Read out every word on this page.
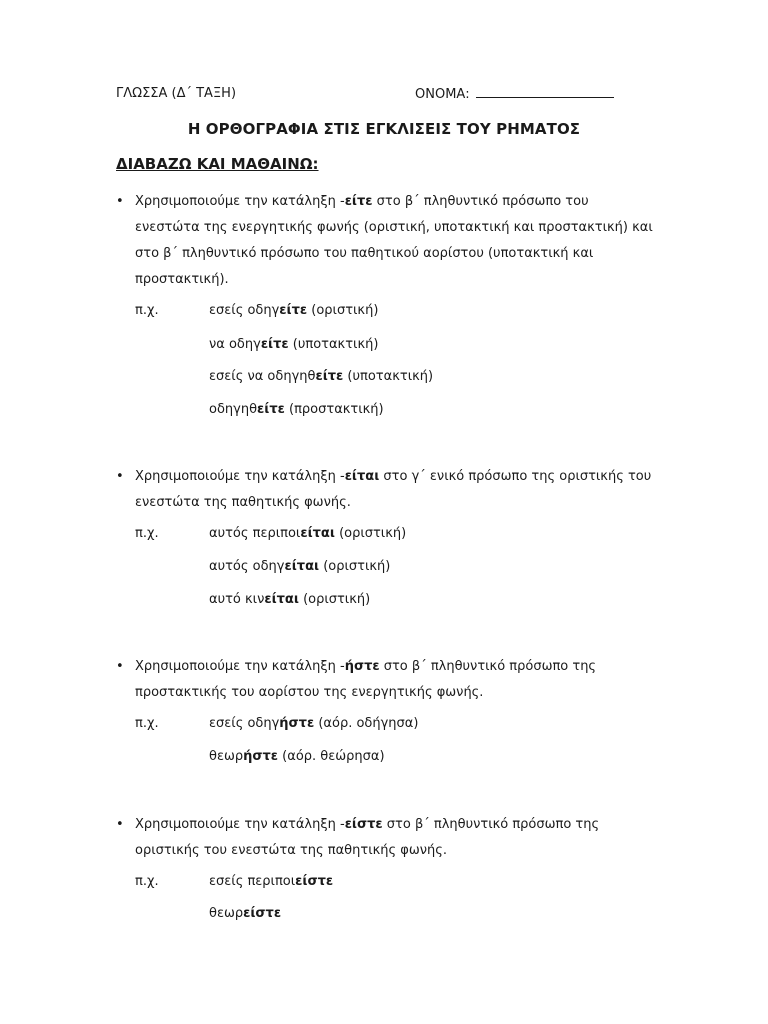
ΓΛΩΣΣΑ (Δ΄ ΤΑΞΗ)	ΟΝΟΜΑ:
Η ΟΡΘΟΓΡΑΦΙΑ ΣΤΙΣ ΕΓΚΛΙΣΕΙΣ ΤΟΥ ΡΗΜΑΤΟΣ
ΔΙΑΒΑΖΩ ΚΑΙ ΜΑΘΑΙΝΩ:
• Χρησιμοποιούμε την κατάληξη -είτε στο β΄ πληθυντικό πρόσωπο του ενεστώτα της ενεργητικής φωνής (οριστική, υποτακτική και προστακτική) και στο β΄ πληθυντικό πρόσωπο του παθητικού αορίστου (υποτακτική και προστακτική).
π.χ.	εσείς οδηγείτε (οριστική)
να οδηγείτε (υποτακτική)
εσείς να οδηγηθείτε (υποτακτική)
οδηγηθείτε (προστακτική)
• Χρησιμοποιούμε την κατάληξη -είται στο γ΄ ενικό πρόσωπο της οριστικής του ενεστώτα της παθητικής φωνής.
π.χ.	αυτός περιποιείται (οριστική)
αυτός οδηγείται (οριστική)
αυτό κινείται (οριστική)
• Χρησιμοποιούμε την κατάληξη -ήστε στο β΄ πληθυντικό πρόσωπο της προστακτικής του αορίστου της ενεργητικής φωνής.
π.χ.	εσείς οδηγήστε (αόρ. οδήγησα)
θεωρήστε (αόρ. θεώρησα)
• Χρησιμοποιούμε την κατάληξη -είστε στο β΄ πληθυντικό πρόσωπο της οριστικής του ενεστώτα της παθητικής φωνής.
π.χ.	εσείς περιποιείστε
θεωρείστε
